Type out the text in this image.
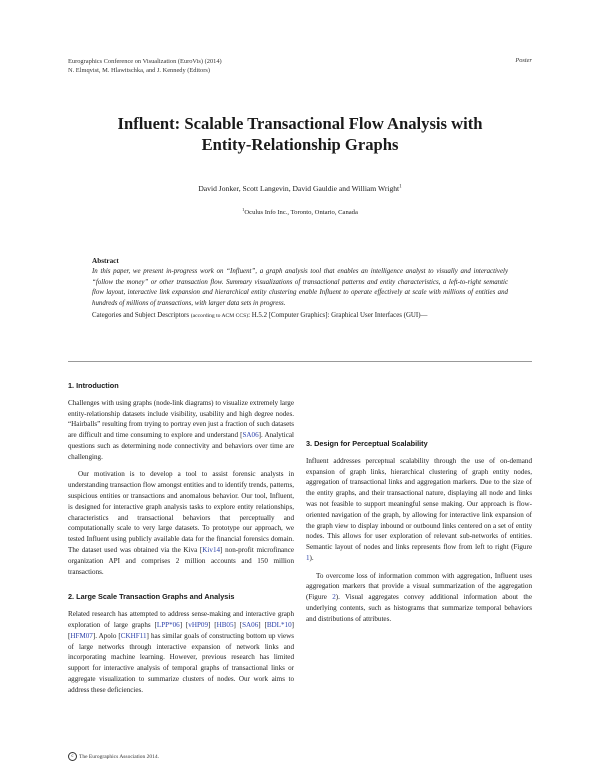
Eurographics Conference on Visualization (EuroVis) (2014)
N. Elmqvist, M. Hlawitschka, and J. Kennedy (Editors)
Poster
Influent: Scalable Transactional Flow Analysis with
Entity-Relationship Graphs
David Jonker, Scott Langevin, David Gauldie and William Wright$^1$
$^1$Oculus Info Inc., Toronto, Ontario, Canada
Abstract
In this paper, we present in-progress work on “Influent”, a graph analysis tool that enables an intelligence analyst to visually and interactively “follow the money” or other transaction flow. Summary visualizations of transactional patterns and entity characteristics, a left-to-right semantic flow layout, interactive link expansion and hierarchical entity clustering enable Influent to operate effectively at scale with millions of entities and hundreds of millions of transactions, with larger data sets in progress.
Categories and Subject Descriptors (according to ACM CCS): H.5.2 [Computer Graphics]: Graphical User Interfaces (GUI)—
1. Introduction

Challenges with using graphs (node-link diagrams) to visualize extremely large entity-relationship datasets include visibility, usability and high degree nodes. “Hairballs” resulting from trying to portray even just a fraction of such datasets are difficult and time consuming to explore and understand [SA06]. Analytical questions such as determining node connectivity and behaviors over time are challenging.

Our motivation is to develop a tool to assist forensic analysts in understanding transaction flow amongst entities and to identify trends, patterns, suspicious entities or transactions and anomalous behavior. Our tool, Influent, is designed for interactive graph analysis tasks to explore entity relationships, characteristics and transactional behaviors that perceptually and computationally scale to very large datasets. To prototype our approach, we tested Influent using publicly available data for the financial forensics domain. The dataset used was obtained via the Kiva [Kiv14] non-profit microfinance organization API and comprises 2 million accounts and 150 million transactions.

2. Large Scale Transaction Graphs and Analysis

Related research has attempted to address sense-making and interactive graph exploration of large graphs [LPP*06] [vHP09] [HB05] [SA06] [BDL*10] [HFM07]. Apolo [CKHF11] has similar goals of constructing bottom up views of large networks through interactive expansion of network links and incorporating machine learning. However, previous research has limited support for interactive analysis of temporal graphs of transactional links or aggregate visualization to summarize clusters of nodes. Our work aims to address these deficiencies.

3. Design for Perceptual Scalability

Influent addresses perceptual scalability through the use of on-demand expansion of graph links, hierarchical clustering of graph entity nodes, aggregation of transactional links and aggregation markers. Due to the size of the entity graphs, and their transactional nature, displaying all node and links was not feasible to support meaningful sense making. Our approach is flow-oriented navigation of the graph, by allowing for interactive link expansion of the graph view to display inbound or outbound links centered on a set of entity nodes. This allows for user exploration of relevant sub-networks of entities. Semantic layout of nodes and links represents flow from left to right (Figure 1).

To overcome loss of information common with aggregation, Influent uses aggregation markers that provide a visual summarization of the aggregation (Figure 2). Visual aggregates convey additional information about the underlying contents, such as histograms that summarize temporal behaviors and distributions of attributes.

c The Eurographics Association 2014.
